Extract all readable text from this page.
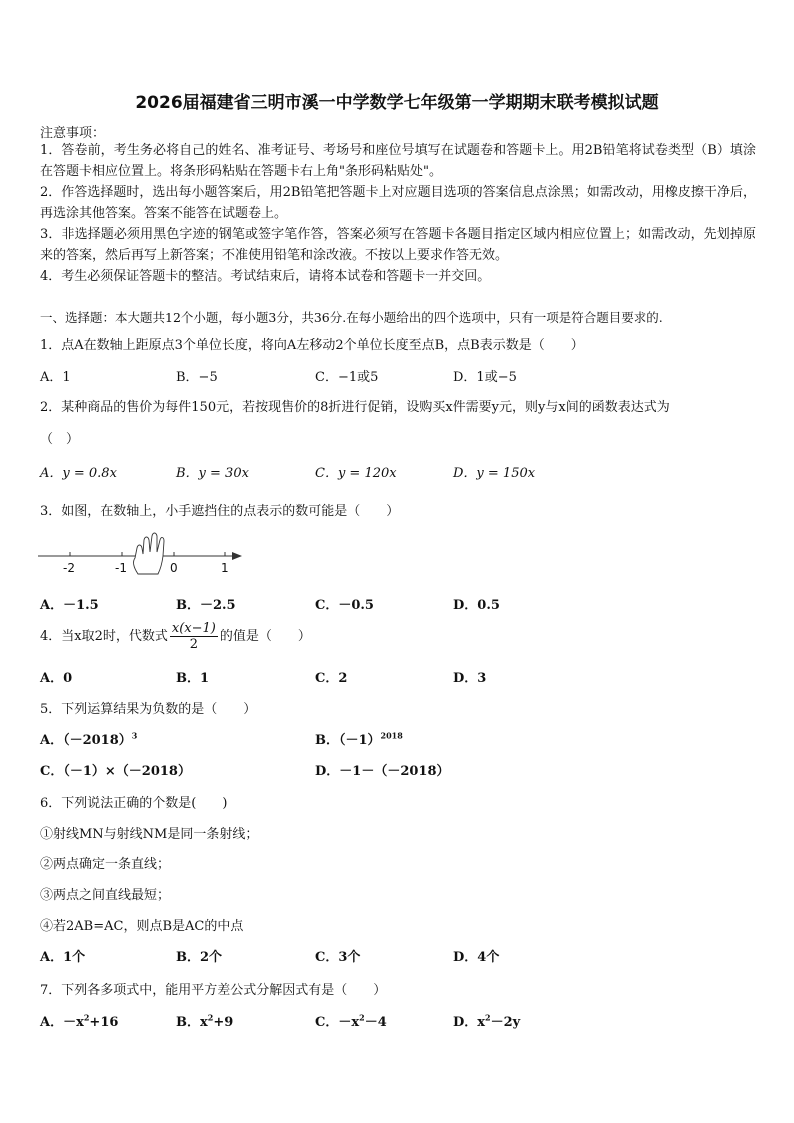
2026届福建省三明市溪一中学数学七年级第一学期期末联考模拟试题
注意事项：
1．答卷前，考生务必将自己的姓名、准考证号、考场号和座位号填写在试题卷和答题卡上。用2B铅笔将试卷类型（B）填涂在答题卡相应位置上。将条形码粘贴在答题卡右上角"条形码粘贴处"。
2．作答选择题时，选出每小题答案后，用2B铅笔把答题卡上对应题目选项的答案信息点涂黑；如需改动，用橡皮擦干净后，再选涂其他答案。答案不能答在试题卷上。
3．非选择题必须用黑色字迹的钢笔或签字笔作答，答案必须写在答题卡各题目指定区域内相应位置上；如需改动，先划掉原来的答案，然后再写上新答案；不准使用铅笔和涂改液。不按以上要求作答无效。
4．考生必须保证答题卡的整洁。考试结束后，请将本试卷和答题卡一并交回。
一、选择题：本大题共12个小题，每小题3分，共36分.在每小题给出的四个选项中，只有一项是符合题目要求的.
1．点A在数轴上距原点3个单位长度，将向A左移动2个单位长度至点B，点B表示数是（　　）
A．1	B．−5	C．−1或5	D．1或−5
2．某种商品的售价为每件150元，若按现售价的8折进行促销，设购买x件需要y元，则y与x间的函数表达式为
（　）
A．y = 0.8x	B．y = 30x	C．y = 120x	D．y = 150x
3．如图，在数轴上，小手遮挡住的点表示的数可能是（　　）
-2	-1	0	1
A．－1.5	B．－2.5	C．－0.5	D．0.5
4．当x取2时，代数式 $\frac{x(x-1)}{2}$ 的值是（　　）
A．0	B．1	C．2	D．3
5．下列运算结果为负数的是（　　）
A．$(-2018)^3$	B．$(-1)^{2018}$
C．（－1）×（－2018）	D．－1－（－2018）
6．下列说法正确的个数是(　　)
①射线MN与射线NM是同一条射线；
②两点确定一条直线；
③两点之间直线最短；
④若2AB=AC，则点B是AC的中点
A．1个	B．2个	C．3个	D．4个
7．下列各多项式中，能用平方差公式分解因式有是（　　）
A．$-x^2+16$	B．$x^2+9$	C．$-x^2-4$	D．$x^2-2y$
